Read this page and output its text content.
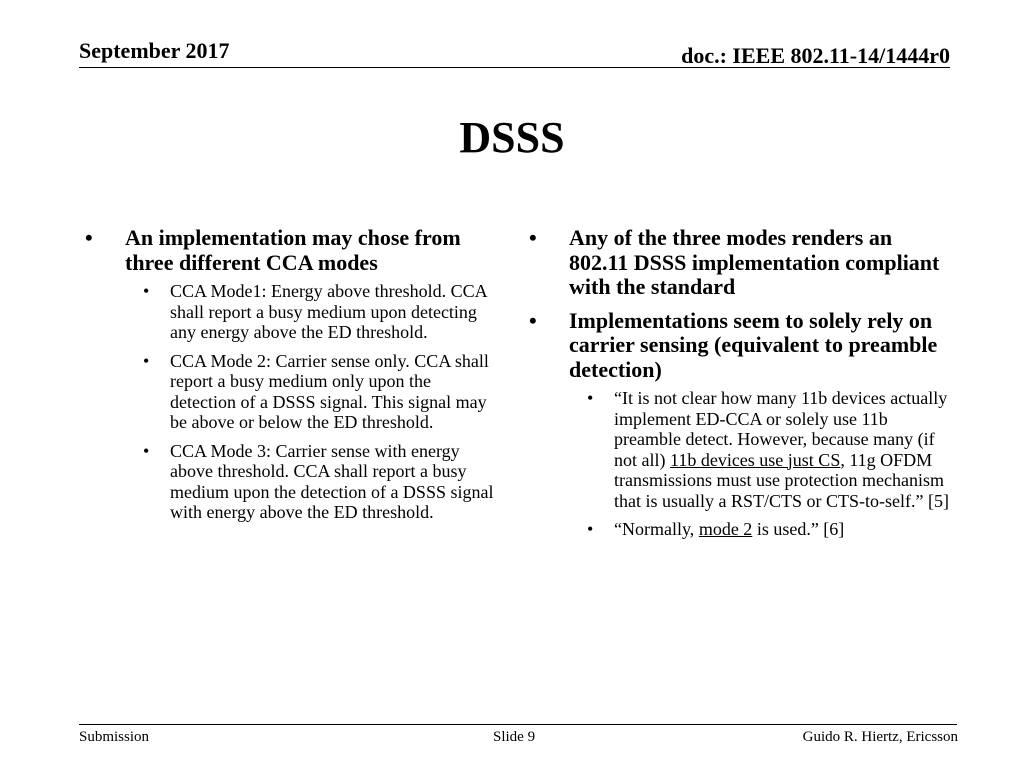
September 2017	doc.: IEEE 802.11-14/1444r0
DSSS
• An implementation may chose from three different CCA modes
• CCA Mode1: Energy above threshold. CCA shall report a busy medium upon detecting any energy above the ED threshold.
• CCA Mode 2: Carrier sense only. CCA shall report a busy medium only upon the detection of a DSSS signal. This signal may be above or below the ED threshold.
• CCA Mode 3: Carrier sense with energy above threshold. CCA shall report a busy medium upon the detection of a DSSS signal with energy above the ED threshold.
• Any of the three modes renders an 802.11 DSSS implementation compliant with the standard
• Implementations seem to solely rely on carrier sensing (equivalent to preamble detection)
• “It is not clear how many 11b devices actually implement ED-CCA or solely use 11b preamble detect. However, because many (if not all) 11b devices use just CS, 11g OFDM transmissions must use protection mechanism that is usually a RST/CTS or CTS-to-self.” [5]
• “Normally, mode 2 is used.” [6]
Submission	Slide 9	Guido R. Hiertz, Ericsson
